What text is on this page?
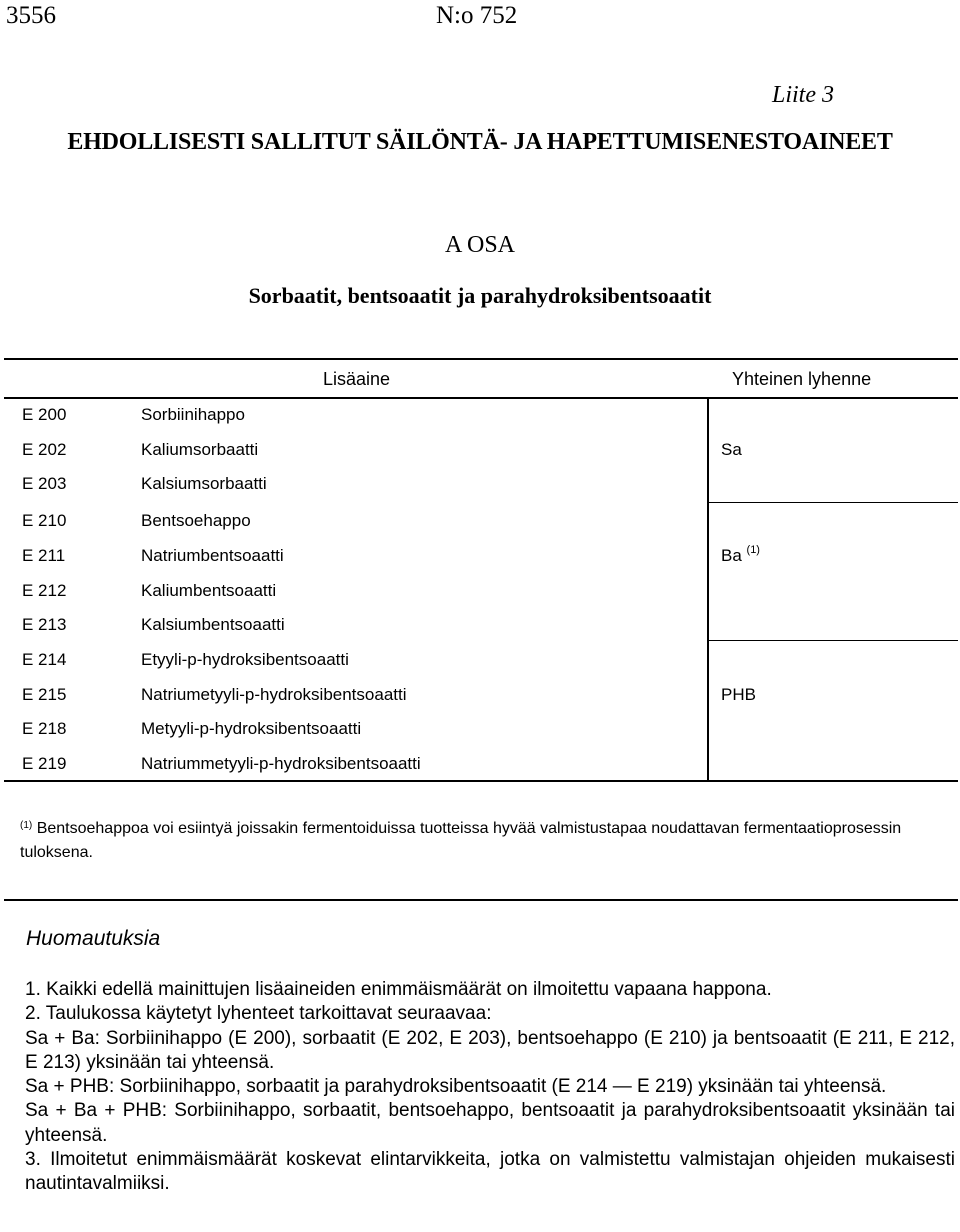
3556	N:o 752
Liite 3
EHDOLLISESTI SALLITUT SÄILÖNTÄ- JA HAPETTUMISENESTOAINEET
A OSA
Sorbaatit, bentsoaatit ja parahydroksibentsoaatit
Lisäaine	Yhteinen lyhenne
E 200	Sorbiinihappo
E 202	Kaliumsorbaatti
E 203	Kalsiumsorbaatti
Sa
E 210	Bentsoehappo
E 211	Natriumbentsoaatti
E 212	Kaliumbentsoaatti
E 213	Kalsiumbentsoaatti
Ba $^{(1)}$
E 214	Etyyli-p-hydroksibentsoaatti
E 215	Natriumetyyli-p-hydroksibentsoaatti
E 218	Metyyli-p-hydroksibentsoaatti
E 219	Natriummetyyli-p-hydroksibentsoaatti
PHB
$^{(1)}$ Bentsoehappoa voi esiintyä joissakin fermentoiduissa tuotteissa hyvää valmistustapaa noudattavan fermentaatioprosessin tuloksena.
Huomautuksia

1. Kaikki edellä mainittujen lisäaineiden enimmäismäärät on ilmoitettu vapaana happona.

2. Taulukossa käytetyt lyhenteet tarkoittavat seuraavaa:

Sa + Ba: Sorbiinihappo (E 200), sorbaatit (E 202, E 203), bentsoehappo (E 210) ja bentsoaatit (E 211, E 212, E 213) yksinään tai yhteensä.

Sa + PHB: Sorbiinihappo, sorbaatit ja parahydroksibentsoaatit (E 214 — E 219) yksinään tai yhteensä.

Sa + Ba + PHB: Sorbiinihappo, sorbaatit, bentsoehappo, bentsoaatit ja parahydroksibentsoaatit yksinään tai yhteensä.

3. Ilmoitetut enimmäismäärät koskevat elintarvikkeita, jotka on valmistettu valmistajan ohjeiden mukaisesti nautintavalmiiksi.
